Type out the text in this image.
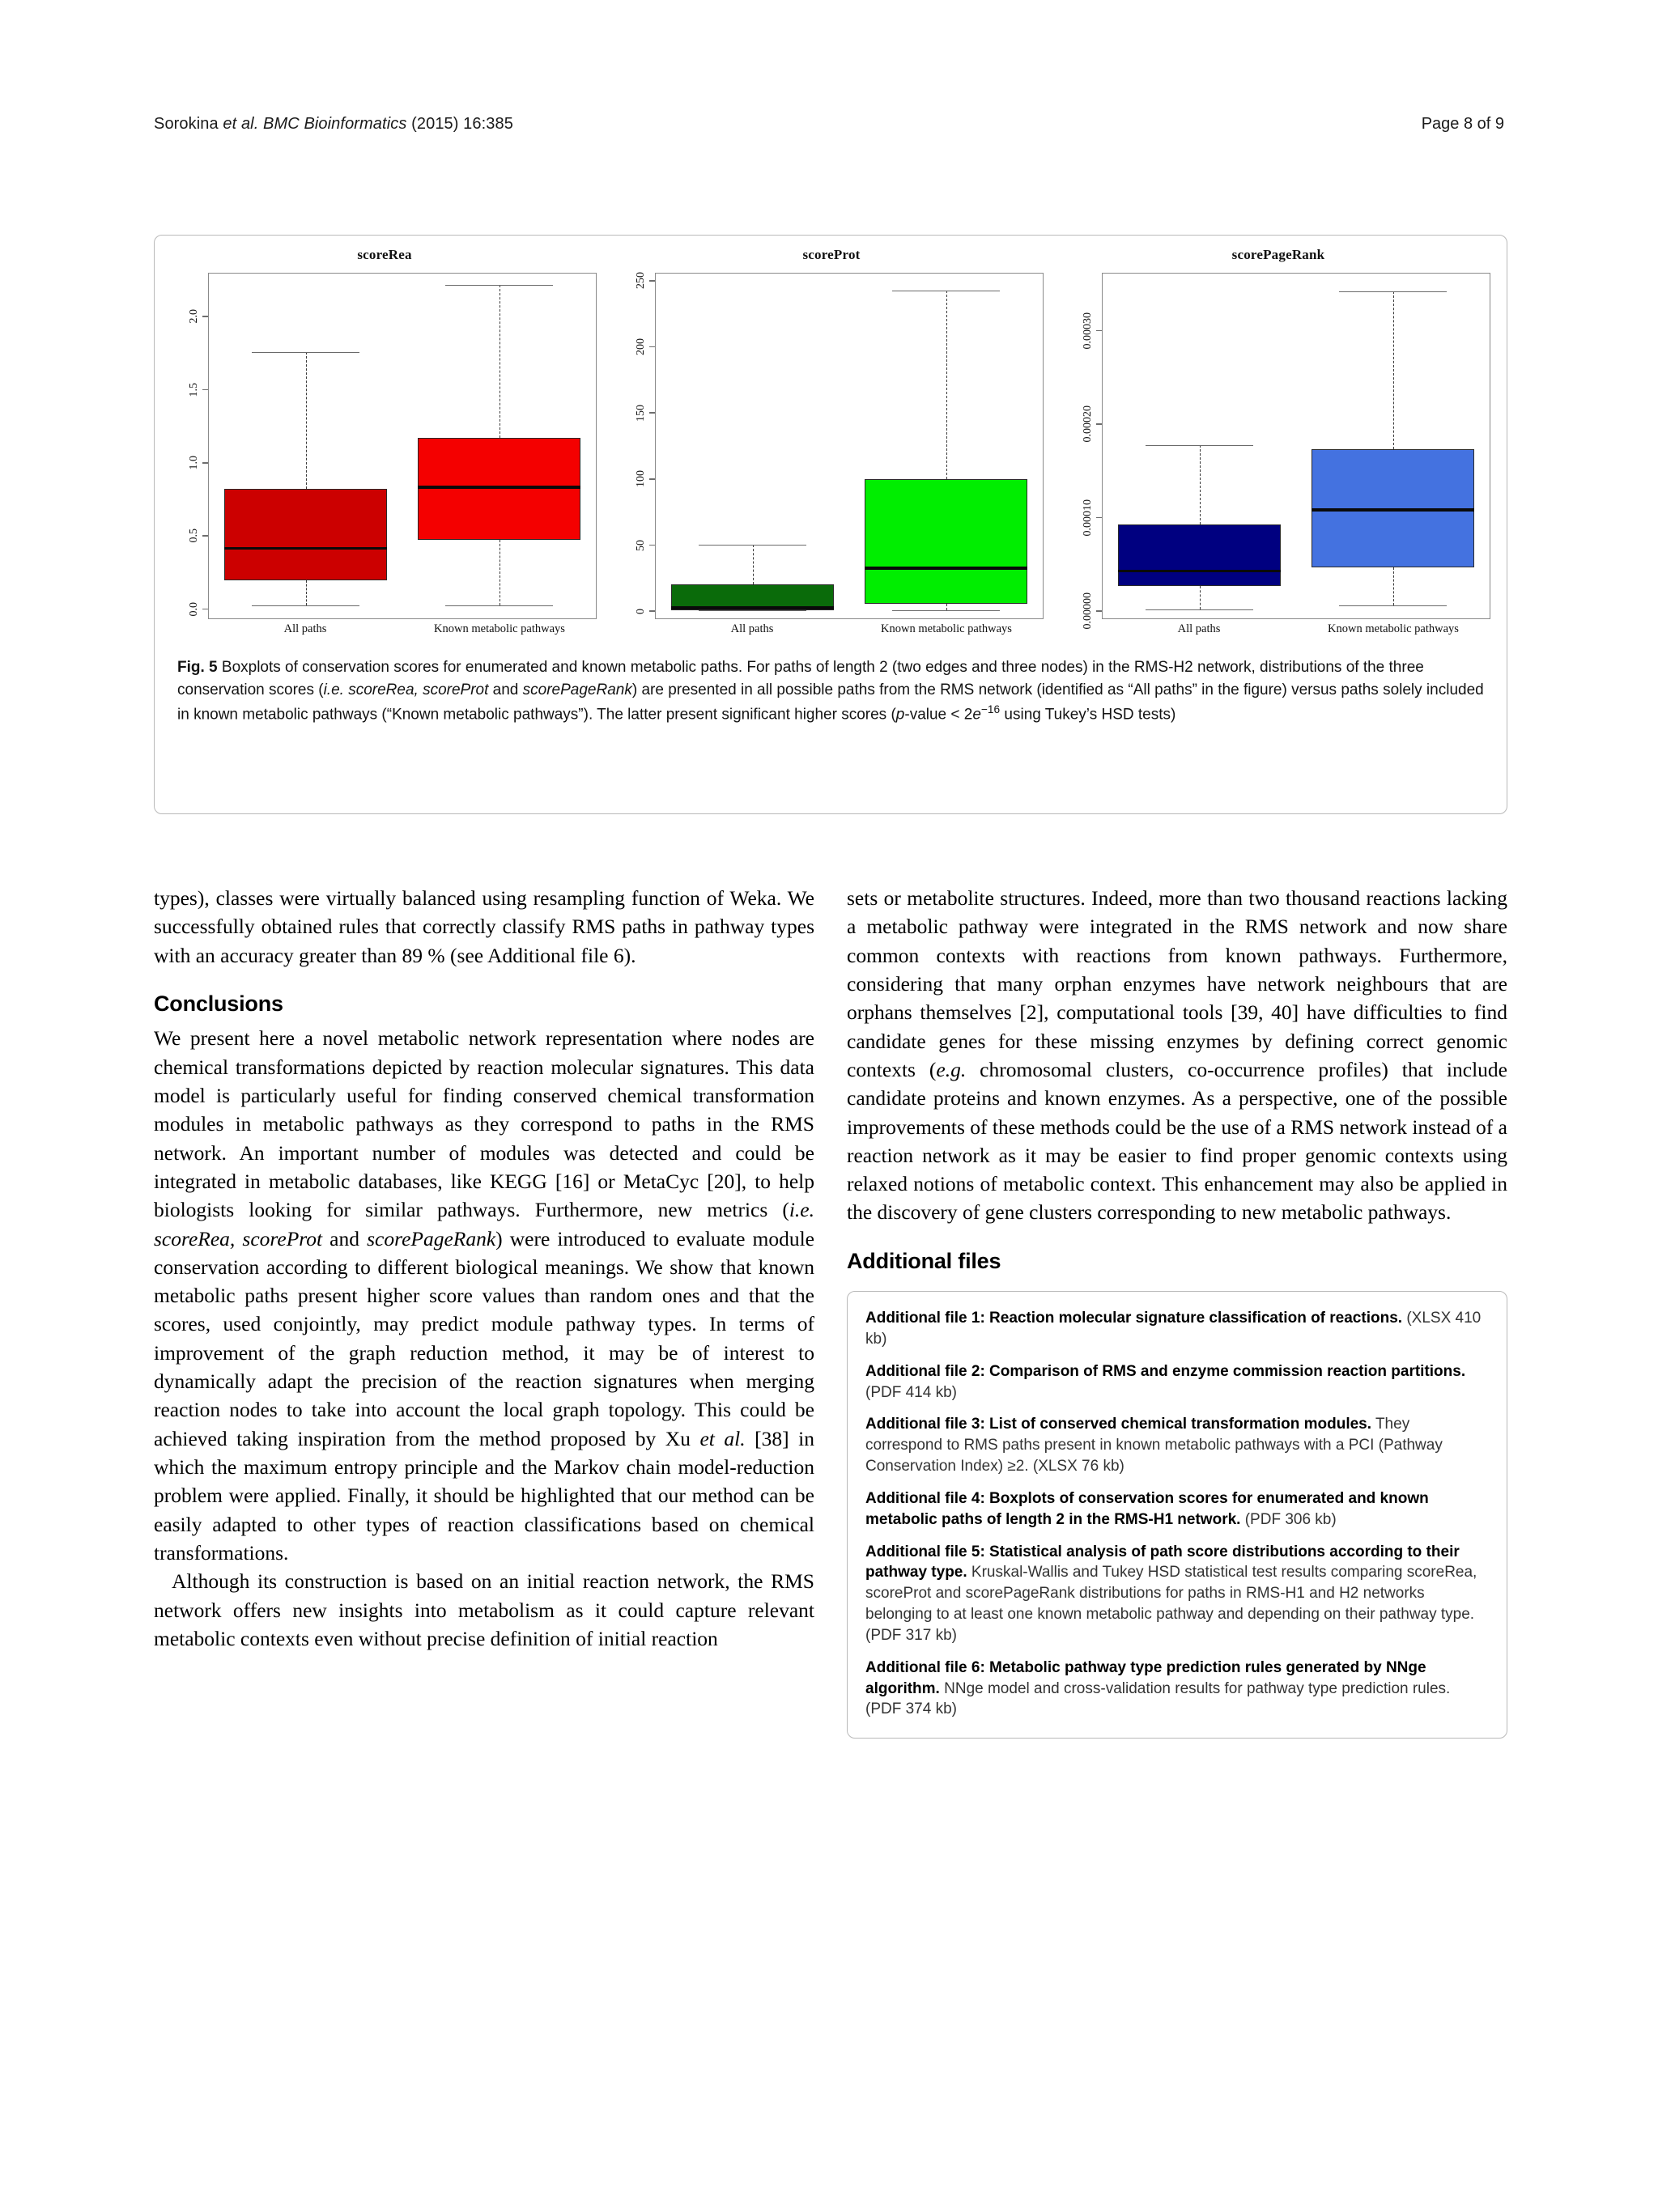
Sorokina et al. BMC Bioinformatics (2015) 16:385	Page 8 of 9
scoreRea
0.0
0.5
1.0
1.5
2.0
All paths	Known metabolic pathways
scoreProt
0
50
100
150
200
250
All paths	Known metabolic pathways
scorePageRank
0.00000
0.00010
0.00020
0.00030
All paths	Known metabolic pathways
Fig. 5 Boxplots of conservation scores for enumerated and known metabolic paths. For paths of length 2 (two edges and three nodes) in the RMS-H2 network, distributions of the three conservation scores (i.e. scoreRea, scoreProt and scorePageRank) are presented in all possible paths from the RMS network (identified as “All paths” in the figure) versus paths solely included in known metabolic pathways (“Known metabolic pathways”). The latter present significant higher scores (p-value < $2e^{-16}$ using Tukey’s HSD tests)

types), classes were virtually balanced using resampling function of Weka. We successfully obtained rules that correctly classify RMS paths in pathway types with an accuracy greater than 89 % (see Additional file 6).

Conclusions

We present here a novel metabolic network representation where nodes are chemical transformations depicted by reaction molecular signatures. This data model is particularly useful for finding conserved chemical transformation modules in metabolic pathways as they correspond to paths in the RMS network. An important number of modules was detected and could be integrated in metabolic databases, like KEGG [16] or MetaCyc [20], to help biologists looking for similar pathways. Furthermore, new metrics (i.e. scoreRea, scoreProt and scorePageRank) were introduced to evaluate module conservation according to different biological meanings. We show that known metabolic paths present higher score values than random ones and that the scores, used conjointly, may predict module pathway types. In terms of improvement of the graph reduction method, it may be of interest to dynamically adapt the precision of the reaction signatures when merging reaction nodes to take into account the local graph topology. This could be achieved taking inspiration from the method proposed by Xu et al. [38] in which the maximum entropy principle and the Markov chain model-reduction problem were applied. Finally, it should be highlighted that our method can be easily adapted to other types of reaction classifications based on chemical transformations.

Although its construction is based on an initial reaction network, the RMS network offers new insights into metabolism as it could capture relevant metabolic contexts even without precise definition of initial reaction

sets or metabolite structures. Indeed, more than two thousand reactions lacking a metabolic pathway were integrated in the RMS network and now share common contexts with reactions from known pathways. Furthermore, considering that many orphan enzymes have network neighbours that are orphans themselves [2], computational tools [39, 40] have difficulties to find candidate genes for these missing enzymes by defining correct genomic contexts (e.g. chromosomal clusters, co-occurrence profiles) that include candidate proteins and known enzymes. As a perspective, one of the possible improvements of these methods could be the use of a RMS network instead of a reaction network as it may be easier to find proper genomic contexts using relaxed notions of metabolic context. This enhancement may also be applied in the discovery of gene clusters corresponding to new metabolic pathways.

Additional files
Additional file 1: Reaction molecular signature classification of reactions. (XLSX 410 kb)
Additional file 2: Comparison of RMS and enzyme commission reaction partitions. (PDF 414 kb)
Additional file 3: List of conserved chemical transformation modules. They correspond to RMS paths present in known metabolic pathways with a PCI (Pathway Conservation Index) ≥2. (XLSX 76 kb)
Additional file 4: Boxplots of conservation scores for enumerated and known metabolic paths of length 2 in the RMS-H1 network. (PDF 306 kb)
Additional file 5: Statistical analysis of path score distributions according to their pathway type. Kruskal-Wallis and Tukey HSD statistical test results comparing scoreRea, scoreProt and scorePageRank distributions for paths in RMS-H1 and H2 networks belonging to at least one known metabolic pathway and depending on their pathway type. (PDF 317 kb)
Additional file 6: Metabolic pathway type prediction rules generated by NNge algorithm. NNge model and cross-validation results for pathway type prediction rules. (PDF 374 kb)
